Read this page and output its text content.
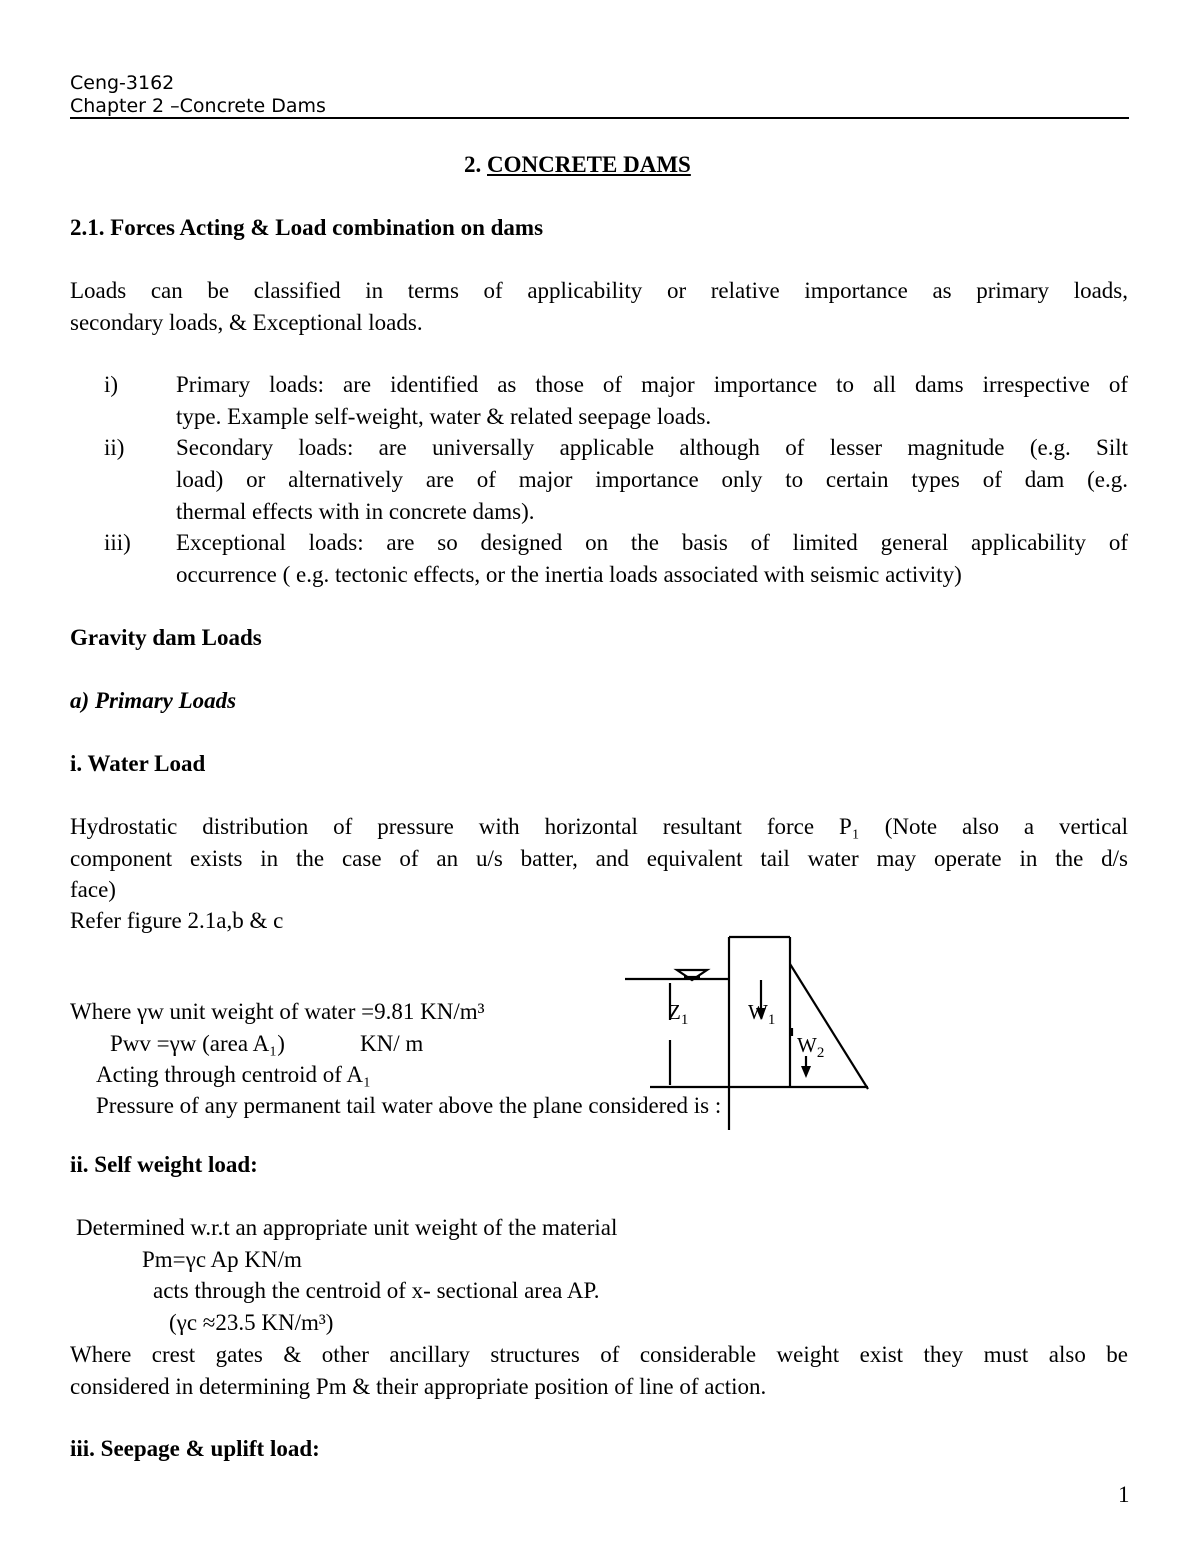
Ceng-3162
Chapter 2 –Concrete Dams
2. CONCRETE DAMS
2.1. Forces Acting & Load combination on dams
Loads can be classified in terms of applicability or relative importance as primary loads,
secondary loads, & Exceptional loads.
i)	Primary loads: are identified as those of major importance to all dams irrespective of
type. Example self-weight, water & related seepage loads.
ii) Secondary loads: are universally applicable although of lesser magnitude (e.g. Silt
load) or alternatively are of major importance only to certain types of dam (e.g.
thermal effects with in concrete dams).
iii) Exceptional loads: are so designed on the basis of limited general applicability of
occurrence ( e.g. tectonic effects, or the inertia loads associated with seismic activity)
Gravity dam Loads
a) Primary Loads
i. Water Load
Hydrostatic distribution of pressure with horizontal resultant force P₁ (Note also a vertical
component exists in the case of an u/s batter, and equivalent tail water may operate in the d/s
face)
Refer figure 2.1a,b & c
Where γw unit weight of water =9.81 KN/m³
Pwv =γw (area A₁)	KN/ m
Acting through centroid of A₁
Pressure of any permanent tail water above the plane considered is :
$Z_1$	$W_1$
$W_2$
ii. Self weight load:
Determined w.r.t an appropriate unit weight of the material
Pm=γc Ap KN/m
acts through the centroid of x- sectional area AP.
(γc ≈23.5 KN/m³)
Where crest gates & other ancillary structures of considerable weight exist they must also be
considered in determining Pm & their appropriate position of line of action.
iii. Seepage & uplift load:
1
